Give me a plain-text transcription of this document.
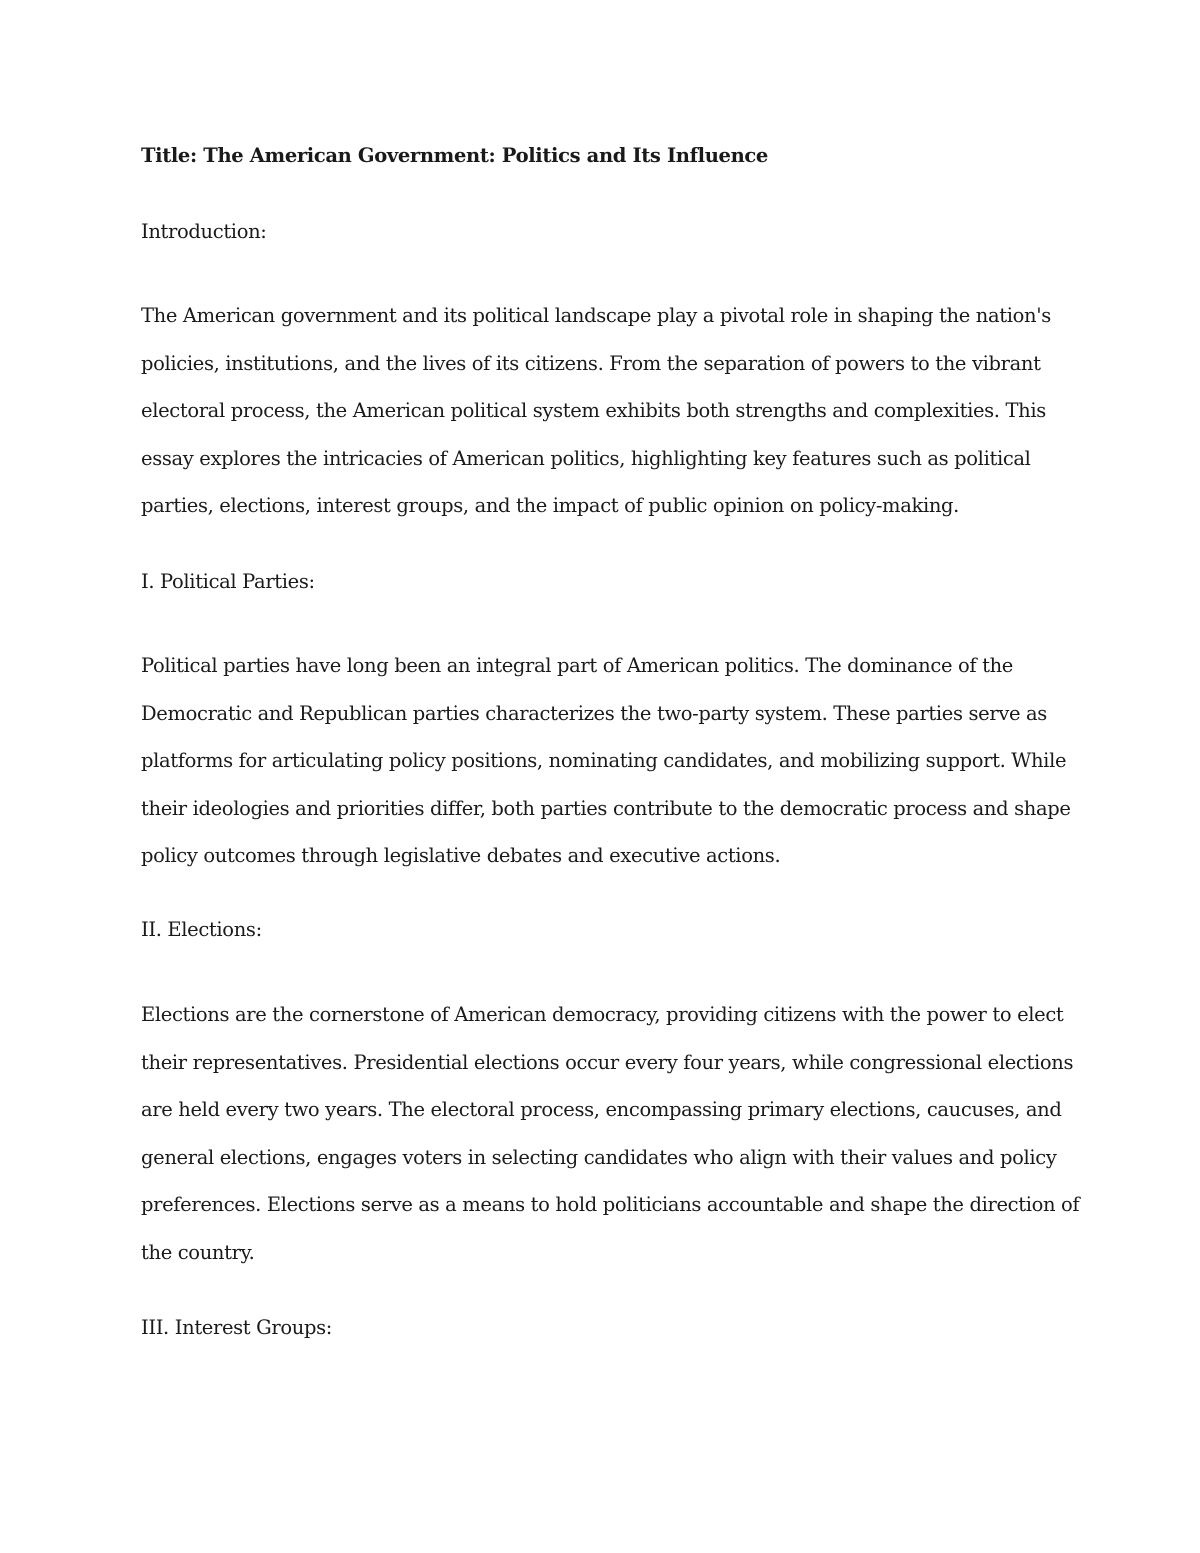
Title: The American Government: Politics and Its Influence

Introduction:

The American government and its political landscape play a pivotal role in shaping the nation's policies, institutions, and the lives of its citizens. From the separation of powers to the vibrant electoral process, the American political system exhibits both strengths and complexities. This essay explores the intricacies of American politics, highlighting key features such as political parties, elections, interest groups, and the impact of public opinion on policy-making.

I. Political Parties:

Political parties have long been an integral part of American politics. The dominance of the Democratic and Republican parties characterizes the two-party system. These parties serve as platforms for articulating policy positions, nominating candidates, and mobilizing support. While their ideologies and priorities differ, both parties contribute to the democratic process and shape policy outcomes through legislative debates and executive actions.

II. Elections:

Elections are the cornerstone of American democracy, providing citizens with the power to elect their representatives. Presidential elections occur every four years, while congressional elections are held every two years. The electoral process, encompassing primary elections, caucuses, and general elections, engages voters in selecting candidates who align with their values and policy preferences. Elections serve as a means to hold politicians accountable and shape the direction of the country.

III. Interest Groups:
